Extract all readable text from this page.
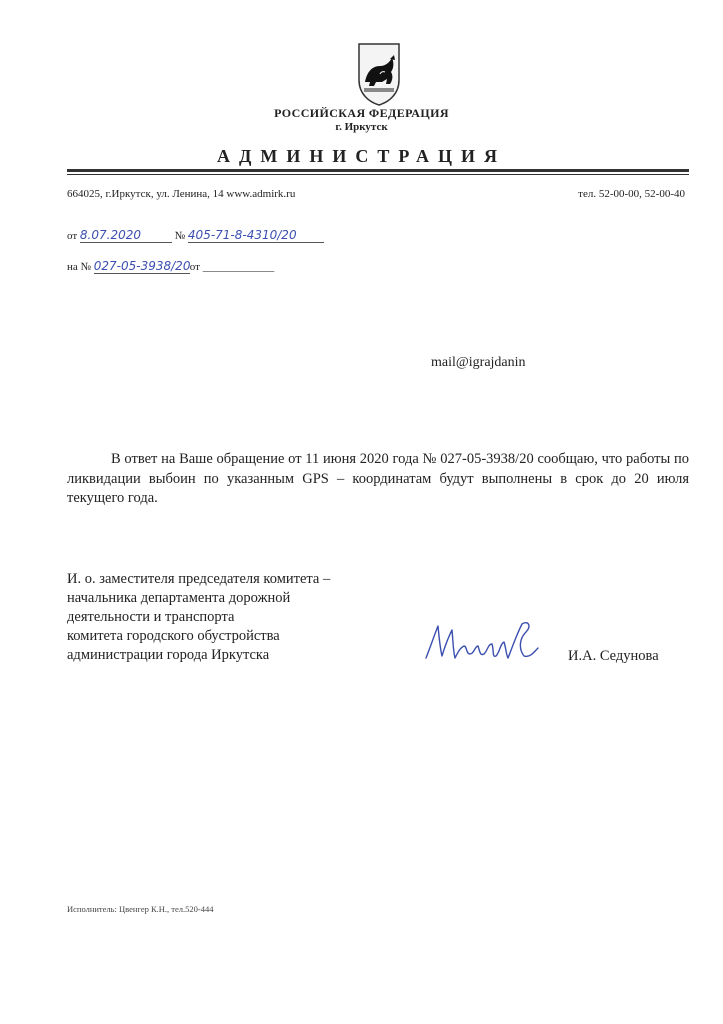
РОССИЙСКАЯ ФЕДЕРАЦИЯ
г. Иркутск
АДМИНИСТРАЦИЯ
664025, г.Иркутск, ул. Ленина, 14 www.admirk.ru	тел. 52-00-00, 52-00-40
от 8.07.2020	№ 405-71-8-4310/20
на № 027-05-3938/20от _____________
mail@igrajdanin

В ответ на Ваше обращение от 11 июня 2020 года № 027-05-3938/20 сообщаю, что работы по ликвидации выбоин по указанным GPS – координатам будут выполнены в срок до 20 июля текущего года.

И. о. заместителя председателя комитета –
начальника департамента дорожной
деятельности и транспорта
комитета городского обустройства
администрации города Иркутска	И.А. Седунова
Исполнитель: Цвенгер К.Н., тел.520-444
